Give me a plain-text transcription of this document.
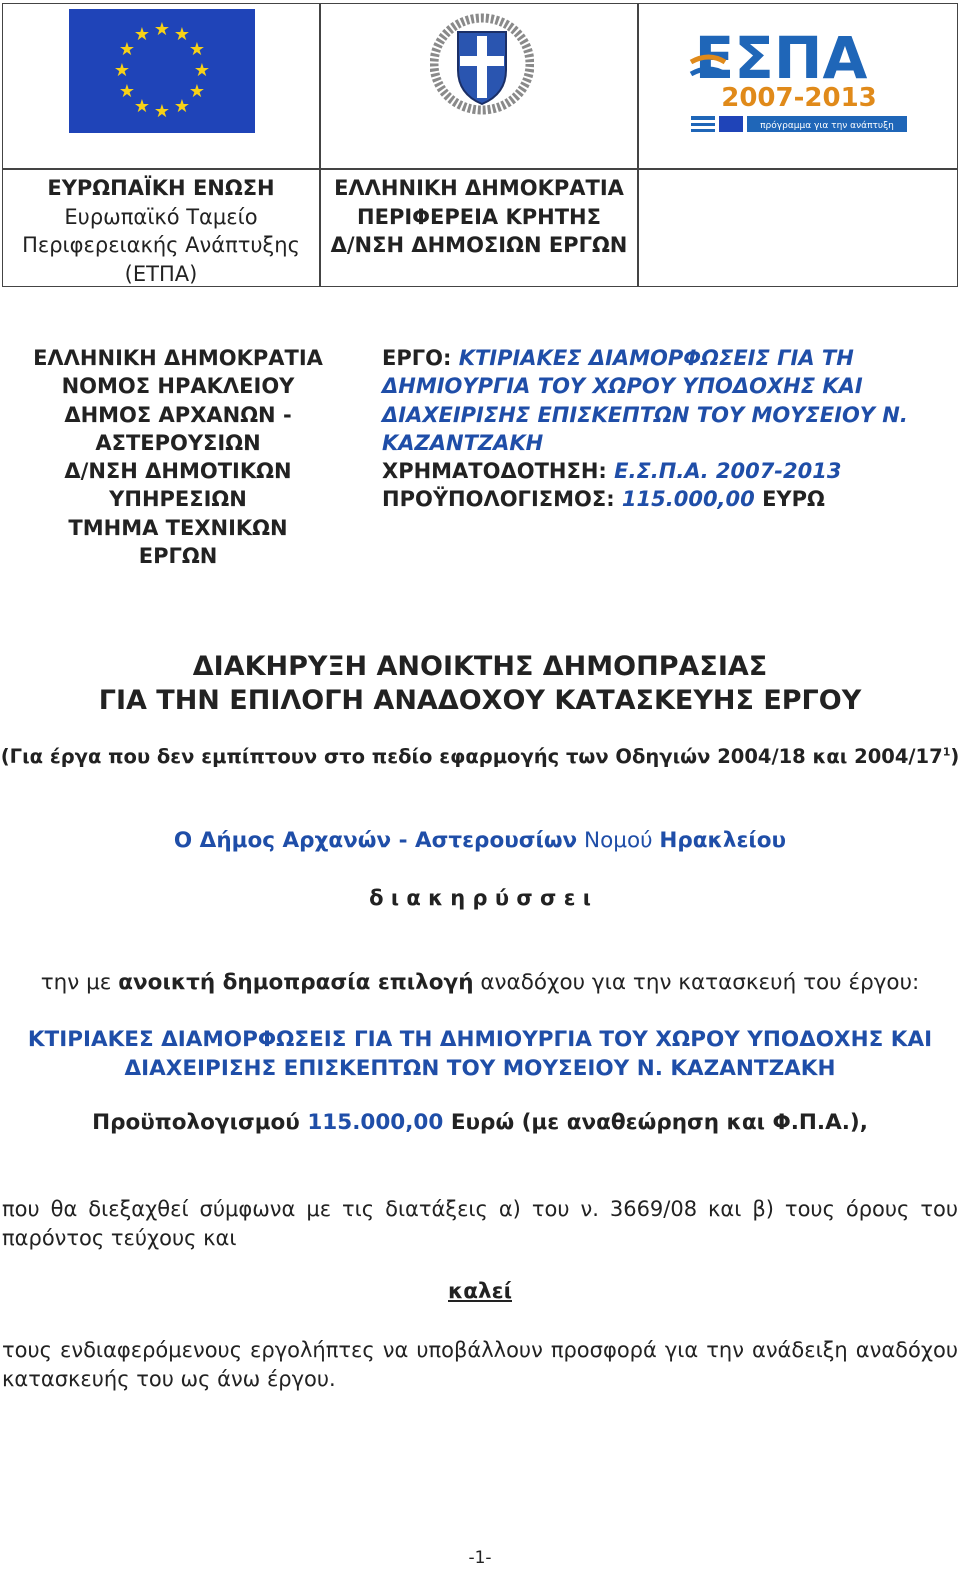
★ ★
★
★
★
★
★
★
★
★
★
★	ΕΣΠΑ
2007-2013
πρόγραμμα για την ανάπτυξη
ΕΥΡΩΠΑΪΚΗ ΕΝΩΣΗ
Ευρωπαϊκό Ταμείο
Περιφερειακής Ανάπτυξης
(ΕΤΠΑ)
ΕΛΛΗΝΙΚΗ ΔΗΜΟΚΡΑΤΙΑ
ΠΕΡΙΦΕΡΕΙΑ ΚΡΗΤΗΣ
Δ/ΝΣΗ ΔΗΜΟΣΙΩΝ ΕΡΓΩΝ
ΕΛΛΗΝΙΚΗ ΔΗΜΟΚΡΑΤΙΑ
ΝΟΜΟΣ ΗΡΑΚΛΕΙΟΥ
ΔΗΜΟΣ ΑΡΧΑΝΩΝ -
ΑΣΤΕΡΟΥΣΙΩΝ
Δ/ΝΣΗ ΔΗΜΟΤΙΚΩΝ
ΥΠΗΡΕΣΙΩΝ
ΤΜΗΜΑ ΤΕΧΝΙΚΩΝ
ΕΡΓΩΝ
ΕΡΓΟ: ΚΤΙΡΙΑΚΕΣ ΔΙΑΜΟΡΦΩΣΕΙΣ ΓΙΑ ΤΗ
ΔΗΜΙΟΥΡΓΙΑ ΤΟΥ ΧΩΡΟΥ ΥΠΟΔΟΧΗΣ ΚΑΙ
ΔΙΑΧΕΙΡΙΣΗΣ ΕΠΙΣΚΕΠΤΩΝ ΤΟΥ ΜΟΥΣΕΙΟΥ Ν.
ΚΑΖΑΝΤΖΑΚΗ
ΧΡΗΜΑΤΟΔΟΤΗΣΗ: Ε.Σ.Π.Α. 2007-2013
ΠΡΟΫΠΟΛΟΓΙΣΜΟΣ: 115.000,00 ΕΥΡΩ
ΔΙΑΚΗΡΥΞΗ ΑΝΟΙΚΤΗΣ ΔΗΜΟΠΡΑΣΙΑΣ
ΓΙΑ ΤΗΝ ΕΠΙΛΟΓΗ ΑΝΑΔΟΧΟΥ ΚΑΤΑΣΚΕΥΗΣ ΕΡΓΟΥ
(Για έργα που δεν εμπίπτουν στο πεδίο εφαρμογής των Οδηγιών 2004/18 και $2004/17^1$)
Ο Δήμος Αρχανών - Αστερουσίων Νομού Ηρακλείου
δ ι α κ η ρ ύ σ σ ε ι
την με ανοικτή δημοπρασία επιλογή αναδόχου για την κατασκευή του έργου:
ΚΤΙΡΙΑΚΕΣ ΔΙΑΜΟΡΦΩΣΕΙΣ ΓΙΑ ΤΗ ΔΗΜΙΟΥΡΓΙΑ ΤΟΥ ΧΩΡΟΥ ΥΠΟΔΟΧΗΣ ΚΑΙ
ΔΙΑΧΕΙΡΙΣΗΣ ΕΠΙΣΚΕΠΤΩΝ ΤΟΥ ΜΟΥΣΕΙΟΥ Ν. ΚΑΖΑΝΤΖΑΚΗ
Προϋπολογισμού 115.000,00 Ευρώ (με αναθεώρηση και Φ.Π.Α.),
που θα διεξαχθεί σύμφωνα με τις διατάξεις α) του ν. 3669/08 και β) τους όρους του παρόντος τεύχους και
καλεί
τους ενδιαφερόμενους εργολήπτες να υποβάλλουν προσφορά για την ανάδειξη αναδόχου κατασκευής του ως άνω έργου.
-1-
